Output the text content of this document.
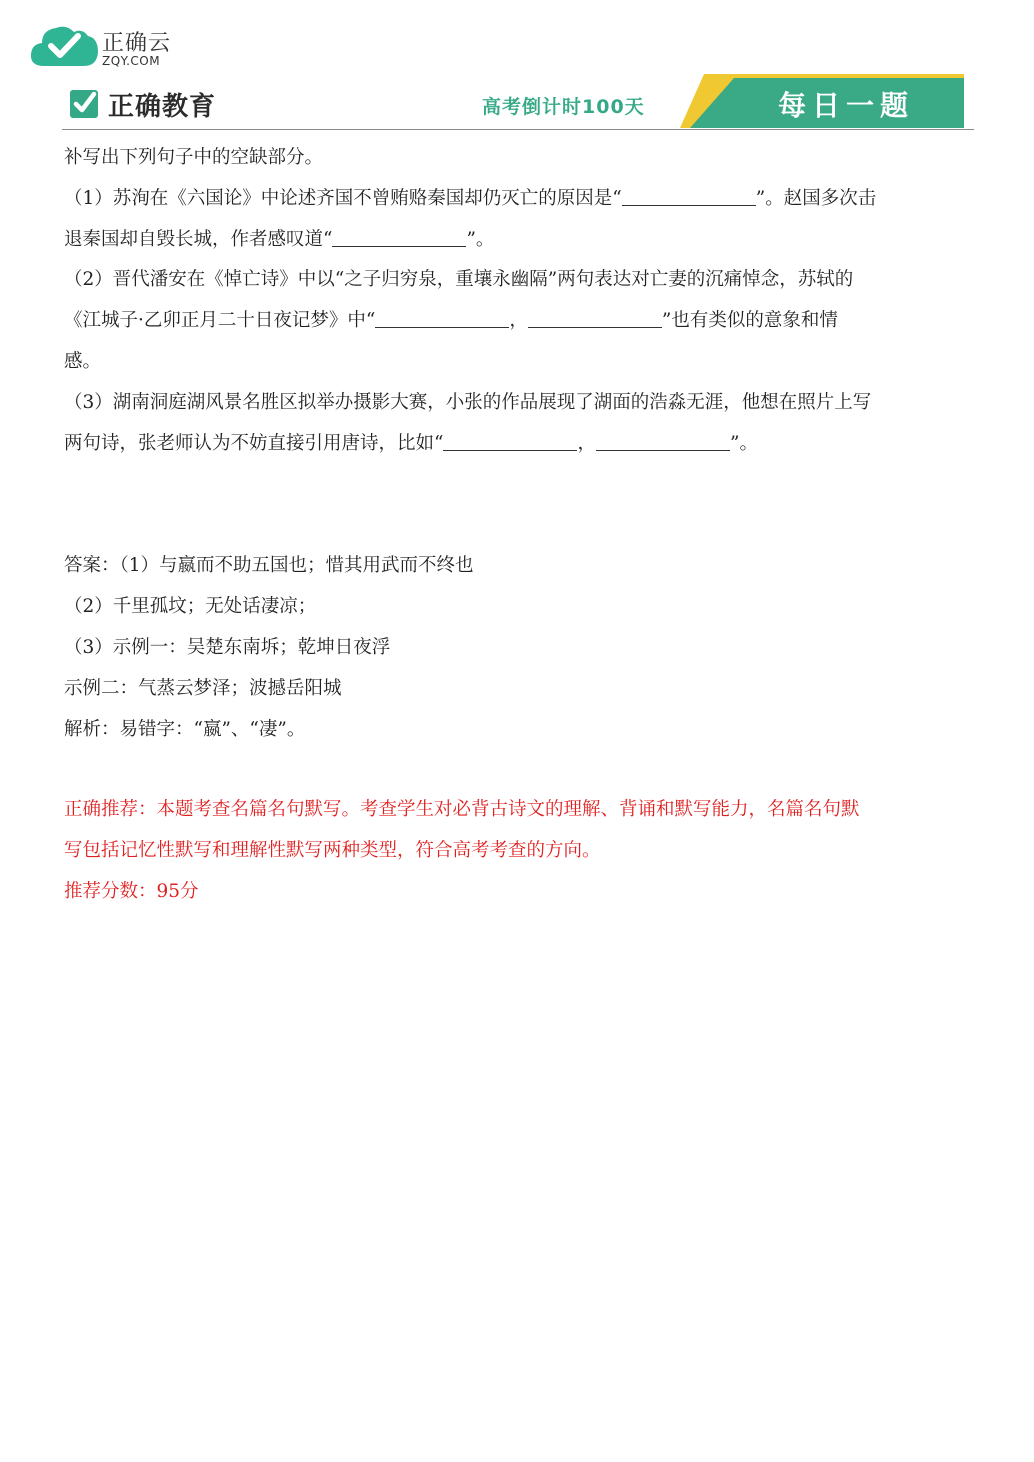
正确云
ZQY.COM
正确教育	高考倒计时100天	每日一题
补写出下列句子中的空缺部分。
（1）苏洵在《六国论》中论述齐国不曾贿赂秦国却仍灭亡的原因是“	”。赵国多次击
退秦国却自毁长城，作者感叹道“	”。
（2）晋代潘安在《悼亡诗》中以“之子归穷泉，重壤永幽隔”两句表达对亡妻的沉痛悼念，苏轼的
《江城子·乙卯正月二十日夜记梦》中“	，	”也有类似的意象和情
感。
（3）湖南洞庭湖风景名胜区拟举办摄影大赛，小张的作品展现了湖面的浩淼无涯，他想在照片上写
两句诗，张老师认为不妨直接引用唐诗，比如“	，	”。
答案：（1）与嬴而不助五国也；惜其用武而不终也
（2）千里孤坟；无处话凄凉；
（3）示例一：吴楚东南坼；乾坤日夜浮
示例二：气蒸云梦泽；波撼岳阳城
解析：易错字：“嬴”、“凄”。
正确推荐：本题考查名篇名句默写。考查学生对必背古诗文的理解、背诵和默写能力，名篇名句默
写包括记忆性默写和理解性默写两种类型，符合高考考查的方向。
推荐分数：95分
